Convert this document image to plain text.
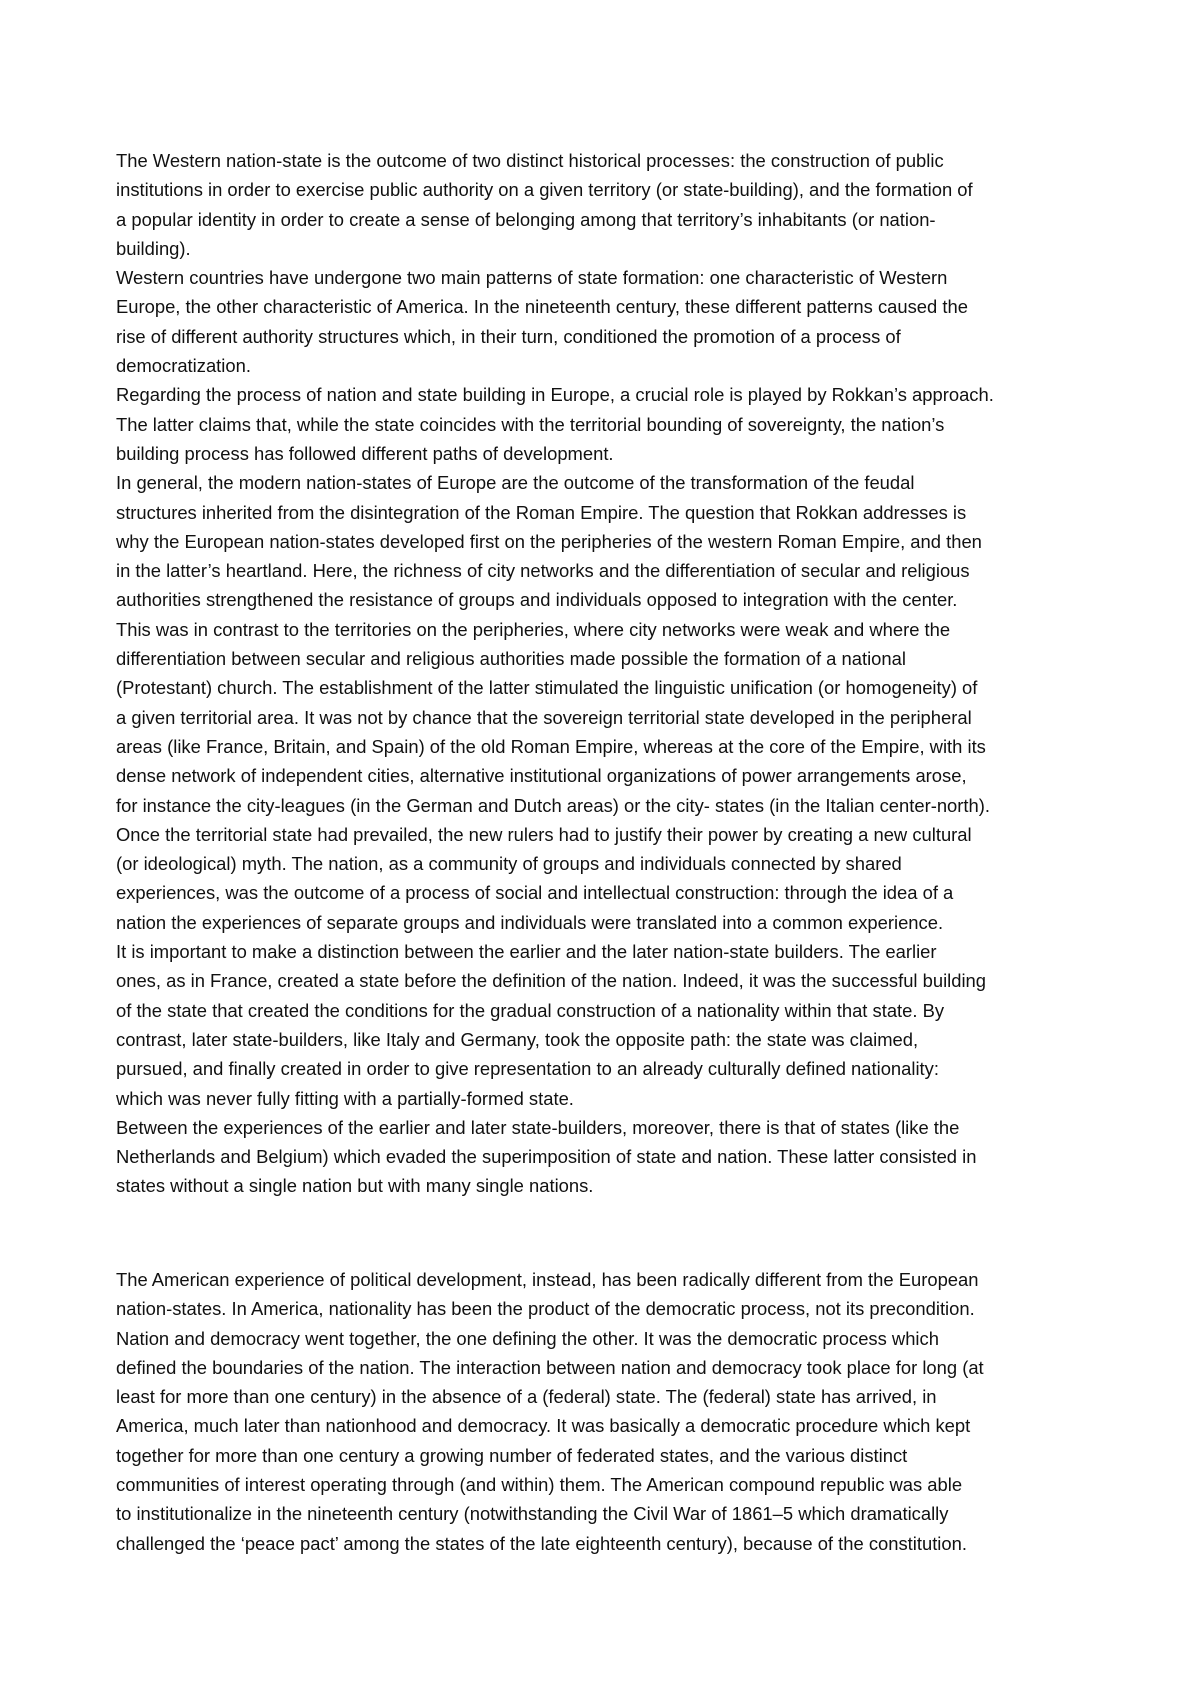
The Western nation-state is the outcome of two distinct historical processes: the construction of public
institutions in order to exercise public authority on a given territory (or state-building), and the formation of
a popular identity in order to create a sense of belonging among that territory’s inhabitants (or nation-
building).
Western countries have undergone two main patterns of state formation: one characteristic of Western
Europe, the other characteristic of America. In the nineteenth century, these different patterns caused the
rise of different authority structures which, in their turn, conditioned the promotion of a process of
democratization.
Regarding the process of nation and state building in Europe, a crucial role is played by Rokkan’s approach.
The latter claims that, while the state coincides with the territorial bounding of sovereignty, the nation’s
building process has followed different paths of development.
In general, the modern nation-states of Europe are the outcome of the transformation of the feudal
structures inherited from the disintegration of the Roman Empire. The question that Rokkan addresses is
why the European nation-states developed first on the peripheries of the western Roman Empire, and then
in the latter’s heartland. Here, the richness of city networks and the differentiation of secular and religious
authorities strengthened the resistance of groups and individuals opposed to integration with the center.
This was in contrast to the territories on the peripheries, where city networks were weak and where the
differentiation between secular and religious authorities made possible the formation of a national
(Protestant) church. The establishment of the latter stimulated the linguistic unification (or homogeneity) of
a given territorial area. It was not by chance that the sovereign territorial state developed in the peripheral
areas (like France, Britain, and Spain) of the old Roman Empire, whereas at the core of the Empire, with its
dense network of independent cities, alternative institutional organizations of power arrangements arose,
for instance the city-leagues (in the German and Dutch areas) or the city- states (in the Italian center-north).
Once the territorial state had prevailed, the new rulers had to justify their power by creating a new cultural
(or ideological) myth. The nation, as a community of groups and individuals connected by shared
experiences, was the outcome of a process of social and intellectual construction: through the idea of a
nation the experiences of separate groups and individuals were translated into a common experience.
It is important to make a distinction between the earlier and the later nation-state builders. The earlier
ones, as in France, created a state before the definition of the nation. Indeed, it was the successful building
of the state that created the conditions for the gradual construction of a nationality within that state. By
contrast, later state-builders, like Italy and Germany, took the opposite path: the state was claimed,
pursued, and finally created in order to give representation to an already culturally defined nationality:
which was never fully fitting with a partially-formed state.
Between the experiences of the earlier and later state-builders, moreover, there is that of states (like the
Netherlands and Belgium) which evaded the superimposition of state and nation. These latter consisted in
states without a single nation but with many single nations.
The American experience of political development, instead, has been radically different from the European
nation-states. In America, nationality has been the product of the democratic process, not its precondition.
Nation and democracy went together, the one defining the other. It was the democratic process which
defined the boundaries of the nation. The interaction between nation and democracy took place for long (at
least for more than one century) in the absence of a (federal) state. The (federal) state has arrived, in
America, much later than nationhood and democracy. It was basically a democratic procedure which kept
together for more than one century a growing number of federated states, and the various distinct
communities of interest operating through (and within) them. The American compound republic was able
to institutionalize in the nineteenth century (notwithstanding the Civil War of 1861–5 which dramatically
challenged the ‘peace pact’ among the states of the late eighteenth century), because of the constitution.
